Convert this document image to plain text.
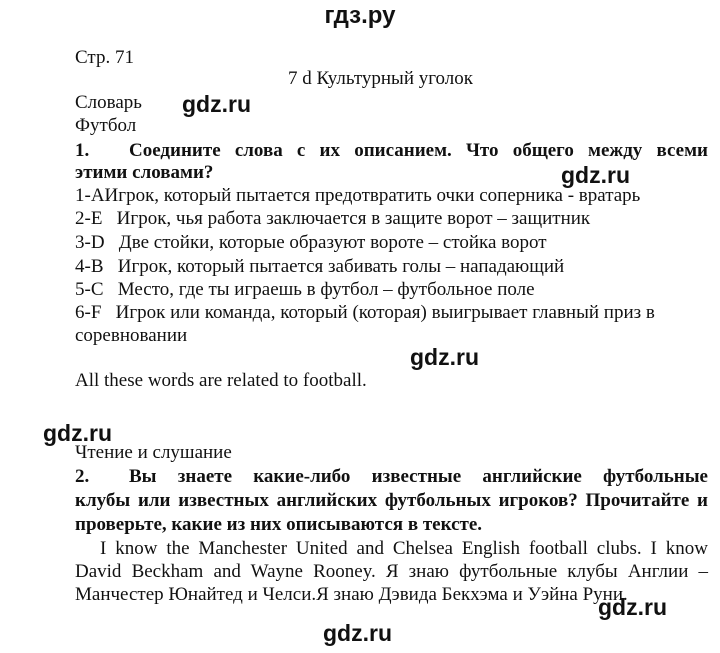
гдз.ру
Стр. 71
7 d Культурный уголок
Словарь
Футбол
gdz.ru
1. Соедините слова с их описанием. Что общего между всеми
этими словами?	gdz.ru
1-AИгрок, который пытается предотвратить очки соперника - вратарь
2-E   Игрок, чья работа заключается в защите ворот – защитник
3-D   Две стойки, которые образуют вороте – стойка ворот
4-B   Игрок, который пытается забивать голы – нападающий
5-C   Место, где ты играешь в футбол – футбольное поле
6-F   Игрок или команда, который (которая) выигрывает главный приз в
соревновании
gdz.ru
All these words are related to football.
gdz.ru
Чтение и слушание
2. Вы знаете какие-либо известные английские футбольные
клубы или известных английских футбольных игроков? Прочитайте и
проверьте, какие из них описываются в тексте.
I know the Manchester United and Chelsea English football clubs. I know
David Beckham and Wayne Rooney. Я знаю футбольные клубы Англии –
Манчестер Юнайтед и Челси.Я знаю Дэвида Бекхэма и Уэйна Руни.
gdz.ru
gdz.ru
